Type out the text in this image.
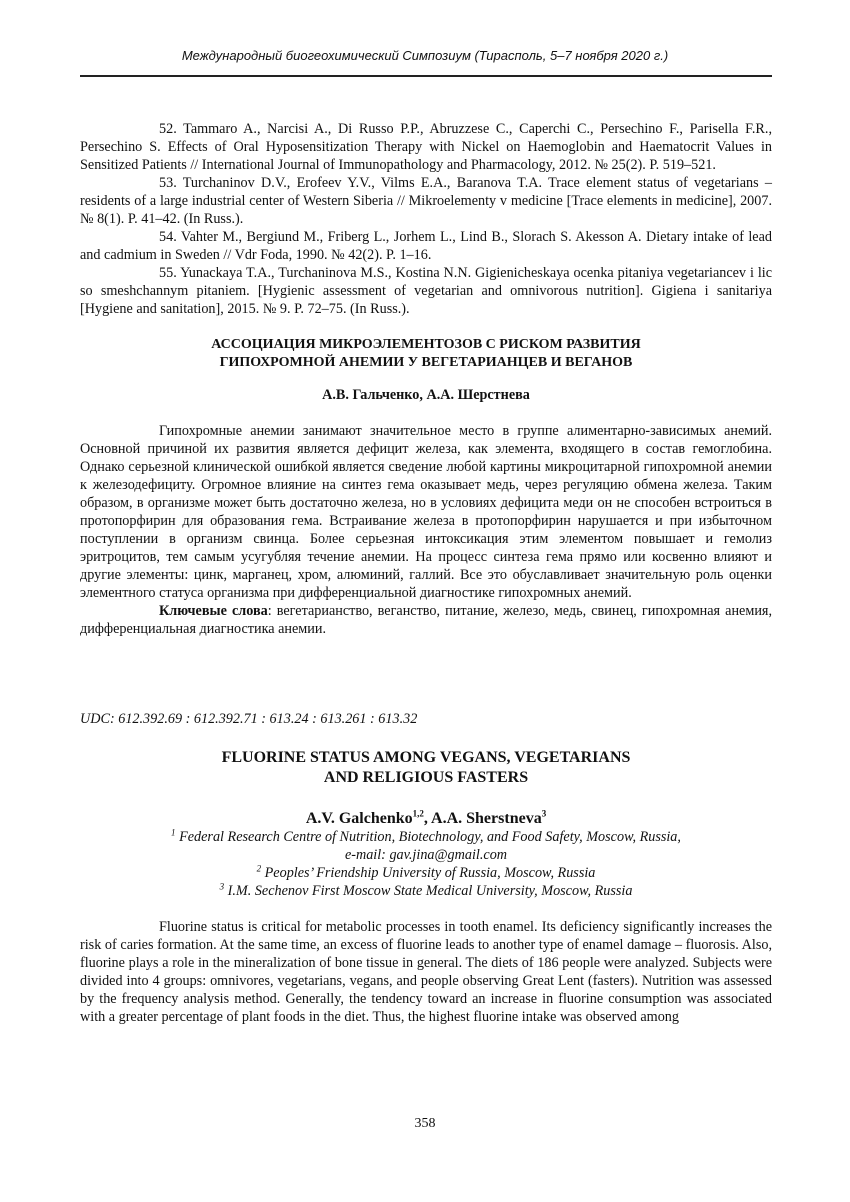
Международный биогеохимический Симпозиум (Тирасполь, 5–7 ноября 2020 г.)

52. Tammaro A., Narcisi A., Di Russo P.P., Abruzzese C., Caperchi C., Persechino F., Parisella F.R., Persechino S. Effects of Oral Hyposensitization Therapy with Nickel on Haemoglobin and Haematocrit Values in Sensitized Patients // International Journal of Immunopathology and Pharmacology, 2012. № 25(2). P. 519–521.

53. Turchaninov D.V., Erofeev Y.V., Vilms E.A., Baranova T.A. Trace element status of vegetarians – residents of a large industrial center of Western Siberia // Mikroelementy v medicine [Trace elements in medicine], 2007. № 8(1). P. 41–42. (In Russ.).

54. Vahter M., Bergiund M., Friberg L., Jorhem L., Lind B., Slorach S. Akesson A. Dietary intake of lead and cadmium in Sweden // Vdr Foda, 1990. № 42(2). P. 1–16.

55. Yunackaya T.A., Turchaninova M.S., Kostina N.N. Gigienicheskaya ocenka pitaniya vegetariancev i lic so smeshchannym pitaniem. [Hygienic assessment of vegetarian and omnivorous nutrition]. Gigiena i sanitariya [Hygiene and sanitation], 2015. № 9. P. 72–75. (In Russ.).

АССОЦИАЦИЯ МИКРОЭЛЕМЕНТОЗОВ С РИСКОМ РАЗВИТИЯ
ГИПОХРОМНОЙ АНЕМИИ У ВЕГЕТАРИАНЦЕВ И ВЕГАНОВ

А.В. Гальченко, А.А. Шерстнева

Гипохромные анемии занимают значительное место в группе алиментарно-зависимых анемий. Основной причиной их развития является дефицит железа, как элемента, входящего в состав гемоглобина. Однако серьезной клинической ошибкой является сведение любой картины микроцитарной гипохромной анемии к железодефициту. Огромное влияние на синтез гема оказывает медь, через регуляцию обмена железа. Таким образом, в организме может быть достаточно железа, но в условиях дефицита меди он не способен встроиться в протопорфирин для образования гема. Встраивание железа в протопорфирин нарушается и при избыточном поступлении в организм свинца. Более серьезная интоксикация этим элементом повышает и гемолиз эритроцитов, тем самым усугубляя течение анемии. На процесс синтеза гема прямо или косвенно влияют и другие элементы: цинк, марганец, хром, алюминий, галлий. Все это обуславливает значительную роль оценки элементного статуса организма при дифференциальной диагностике гипохромных анемий.

Ключевые слова: вегетарианство, веганство, питание, железо, медь, свинец, гипохромная анемия, дифференциальная диагностика анемии.

UDC: 612.392.69 : 612.392.71 : 613.24 : 613.261 : 613.32

FLUORINE STATUS AMONG VEGANS, VEGETARIANS
AND RELIGIOUS FASTERS

A.V. Galchenko$^{1,2}$, A.A. Sherstneva$^3$

$^1$ Federal Research Centre of Nutrition, Biotechnology, and Food Safety, Moscow, Russia,

e-mail: gav.jina@gmail.com

$^2$ Peoples’ Friendship University of Russia, Moscow, Russia

$^3$ I.M. Sechenov First Moscow State Medical University, Moscow, Russia

Fluorine status is critical for metabolic processes in tooth enamel. Its deficiency significantly increases the risk of caries formation. At the same time, an excess of fluorine leads to another type of enamel damage – fluorosis. Also, fluorine plays a role in the mineralization of bone tissue in general. The diets of 186 people were analyzed. Subjects were divided into 4 groups: omnivores, vegetarians, vegans, and people observing Great Lent (fasters). Nutrition was assessed by the frequency analysis method. Generally, the tendency toward an increase in fluorine consumption was associated with a greater percentage of plant foods in the diet. Thus, the highest fluorine intake was observed among

358
